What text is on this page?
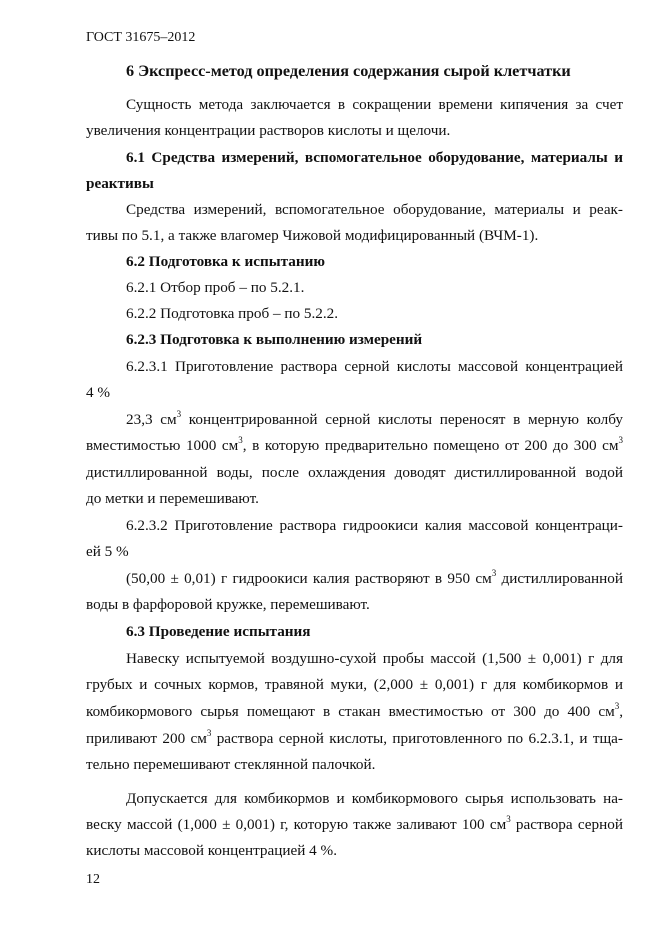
ГОСТ 31675–2012
6 Экспресс-метод определения содержания сырой клетчатки
Сущность метода заключается в сокращении времени кипячения за счет
увеличения концентрации растворов кислоты и щелочи.
6.1 Средства измерений, вспомогательное оборудование, материалы и
реактивы
Средства измерений, вспомогательное оборудование, материалы и реак-
тивы по 5.1, а также влагомер Чижовой модифицированный (ВЧМ-1).
6.2 Подготовка к испытанию
6.2.1 Отбор проб – по 5.2.1.
6.2.2 Подготовка проб – по 5.2.2.
6.2.3 Подготовка к выполнению измерений
6.2.3.1 Приготовление раствора серной кислоты массовой концентрацией
4 %
23,3 $см^3$ концентрированной серной кислоты переносят в мерную колбу
вместимостью 1000 $см^3$, в которую предварительно помещено от 200 до 300 $см^3$
дистиллированной воды, после охлаждения доводят дистиллированной водой
до метки и перемешивают.
6.2.3.2 Приготовление раствора гидроокиси калия массовой концентраци-
ей 5 %
(50,00 ± 0,01) г гидроокиси калия растворяют в 950 $см^3$ дистиллированной
воды в фарфоровой кружке, перемешивают.
6.3 Проведение испытания
Навеску испытуемой воздушно-сухой пробы массой (1,500 ± 0,001) г для
грубых и сочных кормов, травяной муки, (2,000 ± 0,001) г для комбикормов и
комбикормового сырья помещают в стакан вместимостью от 300 до 400 $см^3$,
приливают 200 $см^3$ раствора серной кислоты, приготовленного по 6.2.3.1, и тща-
тельно перемешивают стеклянной палочкой.
Допускается для комбикормов и комбикормового сырья использовать на-
веску массой (1,000 ± 0,001) г, которую также заливают 100 $см^3$ раствора серной
кислоты массовой концентрацией 4 %.
12
